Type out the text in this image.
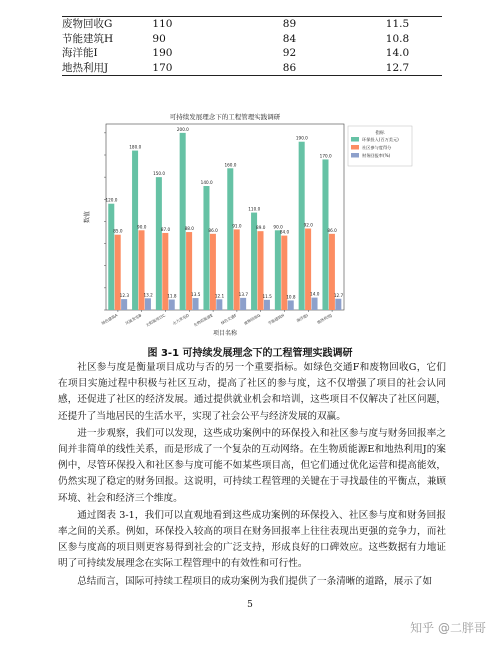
废物回收G	110	89	11.5
节能建筑H	90	84	10.8
海洋能I	190	92	14.0
地热利用J	170	86	12.7
可持续发展理念下的工程管理实践调研
数值
项目名称
120.0
85.0
12.3
绿色建筑A
180.0
90.0
13.2
风能发电B
150.0
87.0
11.8
太阳能项目C
200.0
88.0
13.5
水力发电D
140.0
86.0
12.1
生物质能源E
160.0
91.0
13.7
绿色交通F
110.0
89.0
11.5
废物回收G
90.0
84.0
10.8
节能建筑H
190.0
92.0
14.0
海洋能I
170.0
86.0
12.7
地热利用J
指标
环保投入(百万美元)
社区参与度得分
财务回报率(%)
图 3-1 可持续发展理念下的工程管理实践调研

社区参与度是衡量项目成功与否的另一个重要指标。如绿色交通F和废物回收G，它们在项目实施过程中积极与社区互动，提高了社区的参与度，这不仅增强了项目的社会认同感，还促进了社区的经济发展。通过提供就业机会和培训，这些项目不仅解决了社区问题，还提升了当地居民的生活水平，实现了社会公平与经济发展的双赢。

进一步观察，我们可以发现，这些成功案例中的环保投入和社区参与度与财务回报率之间并非简单的线性关系，而是形成了一个复杂的互动网络。在生物质能源E和地热利用J的案例中，尽管环保投入和社区参与度可能不如某些项目高，但它们通过优化运营和提高能效，仍然实现了稳定的财务回报。这说明，可持续工程管理的关键在于寻找最佳的平衡点，兼顾环境、社会和经济三个维度。

通过图表 3-1，我们可以直观地看到这些成功案例的环保投入、社区参与度和财务回报率之间的关系。例如，环保投入较高的项目在财务回报率上往往表现出更强的竞争力，而社区参与度高的项目则更容易得到社会的广泛支持，形成良好的口碑效应。这些数据有力地证明了可持续发展理念在实际工程管理中的有效性和可行性。

总结而言，国际可持续工程项目的成功案例为我们提供了一条清晰的道路，展示了如

5
知乎 @二胖哥
